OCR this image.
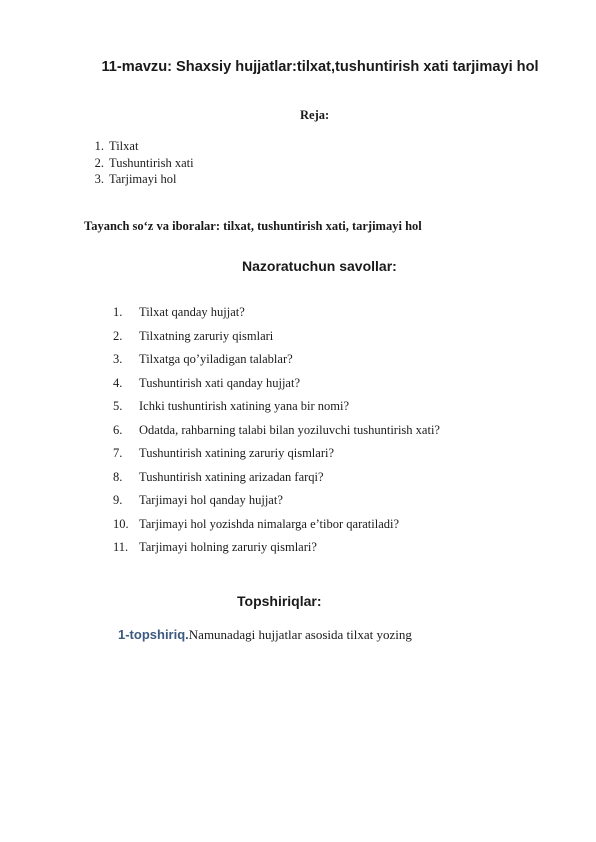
11-mavzu: Shaxsiy hujjatlar:tilxat,tushuntirish xati tarjimayi hol
Reja:
1. Tilxat
2. Tushuntirish xati
3. Tarjimayi hol
Tayanch so‘z va iboralar: tilxat, tushuntirish xati, tarjimayi hol
Nazoratuchun savollar:
1.	Tilxat qanday hujjat?
2.	Tilxatning zaruriy qismlari
3.	Tilxatga qo’yiladigan talablar?
4.	Tushuntirish xati qanday hujjat?
5.	Ichki tushuntirish xatining yana bir nomi?
6.	Odatda, rahbarning talabi bilan yoziluvchi tushuntirish xati?
7.	Tushuntirish xatining zaruriy qismlari?
8.	Tushuntirish xatining arizadan farqi?
9.	Tarjimayi hol qanday hujjat?
10. Tarjimayi hol yozishda nimalarga e’tibor qaratiladi?
11. Tarjimayi holning zaruriy qismlari?
Topshiriqlar:
1-topshiriq.Namunadagi hujjatlar asosida tilxat yozing
